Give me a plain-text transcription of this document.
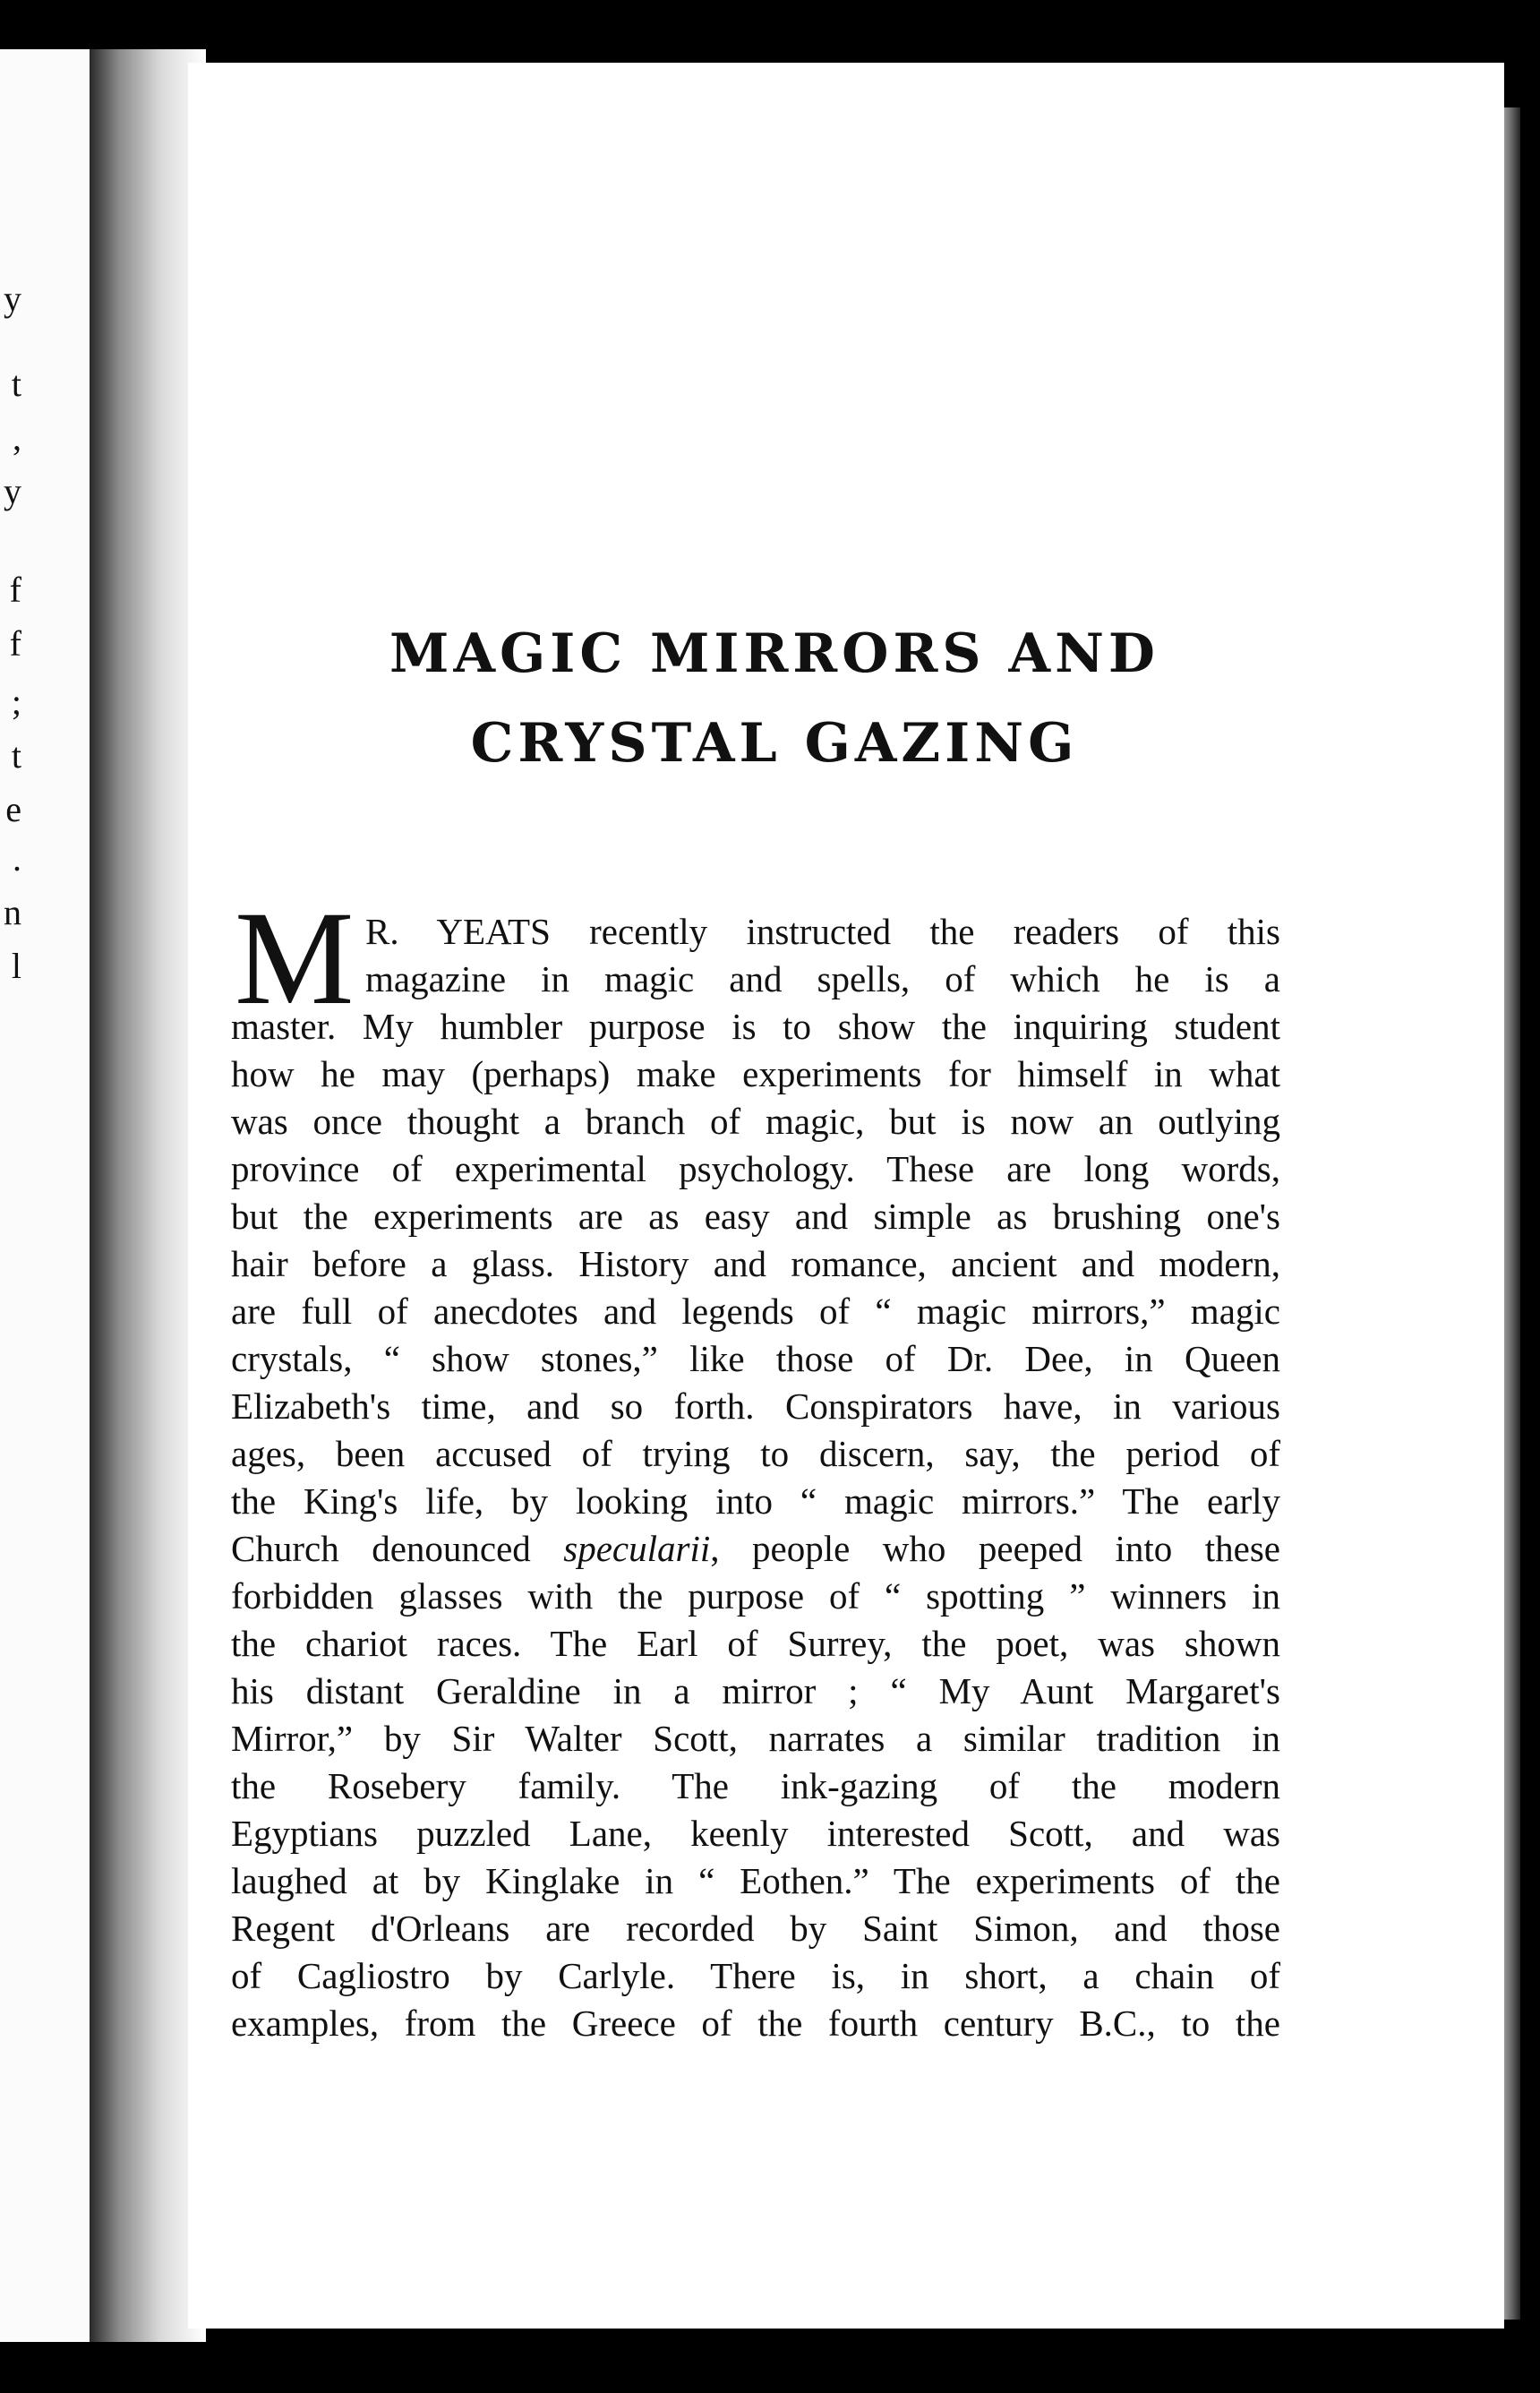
y
t
,
y
f
f
;
t
e
.
n
l
MAGIC MIRRORS AND
CRYSTAL GAZING
M R. YEATS recently instructed the readers of this
magazine in magic and spells, of which he is a
master. My humbler purpose is to show the inquiring student
how he may (perhaps) make experiments for himself in what
was once thought a branch of magic, but is now an outlying
province of experimental psychology. These are long words,
but the experiments are as easy and simple as brushing one's
hair before a glass. History and romance, ancient and modern,
are full of anecdotes and legends of “ magic mirrors,” magic
crystals, “ show stones,” like those of Dr. Dee, in Queen
Elizabeth's time, and so forth. Conspirators have, in various
ages, been accused of trying to discern, say, the period of
the King's life, by looking into “ magic mirrors.” The early
Church denounced specularii, people who peeped into these
forbidden glasses with the purpose of “ spotting ” winners in
the chariot races. The Earl of Surrey, the poet, was shown
his distant Geraldine in a mirror ; “ My Aunt Margaret's
Mirror,” by Sir Walter Scott, narrates a similar tradition in
the Rosebery family. The ink-gazing of the modern
Egyptians puzzled Lane, keenly interested Scott, and was
laughed at by Kinglake in “ Eothen.” The experiments of the
Regent d'Orleans are recorded by Saint Simon, and those
of Cagliostro by Carlyle. There is, in short, a chain of
examples, from the Greece of the fourth century B.C., to the
